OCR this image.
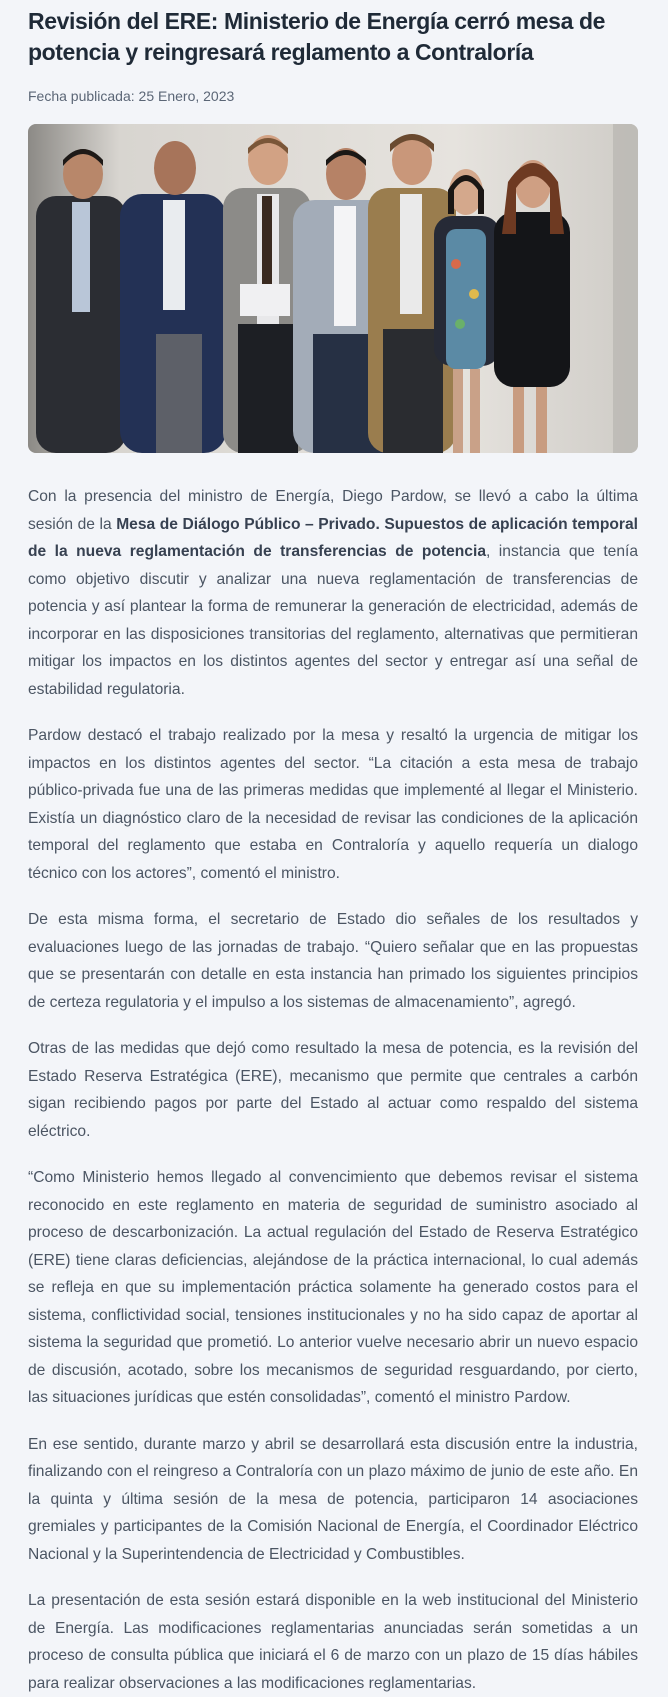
Revisión del ERE: Ministerio de Energía cerró mesa de potencia y reingresará reglamento a Contraloría
Fecha publicada: 25 Enero, 2023

Con la presencia del ministro de Energía, Diego Pardow, se llevó a cabo la última sesión de la Mesa de Diálogo Público – Privado. Supuestos de aplicación temporal de la nueva reglamentación de transferencias de potencia, instancia que tenía como objetivo discutir y analizar una nueva reglamentación de transferencias de potencia y así plantear la forma de remunerar la generación de electricidad, además de incorporar en las disposiciones transitorias del reglamento, alternativas que permitieran mitigar los impactos en los distintos agentes del sector y entregar así una señal de estabilidad regulatoria.

Pardow destacó el trabajo realizado por la mesa y resaltó la urgencia de mitigar los impactos en los distintos agentes del sector. “La citación a esta mesa de trabajo público-privada fue una de las primeras medidas que implementé al llegar el Ministerio. Existía un diagnóstico claro de la necesidad de revisar las condiciones de la aplicación temporal del reglamento que estaba en Contraloría y aquello requería un dialogo técnico con los actores”, comentó el ministro.

De esta misma forma, el secretario de Estado dio señales de los resultados y evaluaciones luego de las jornadas de trabajo. “Quiero señalar que en las propuestas que se presentarán con detalle en esta instancia han primado los siguientes principios de certeza regulatoria y el impulso a los sistemas de almacenamiento”, agregó.

Otras de las medidas que dejó como resultado la mesa de potencia, es la revisión del Estado Reserva Estratégica (ERE), mecanismo que permite que centrales a carbón sigan recibiendo pagos por parte del Estado al actuar como respaldo del sistema eléctrico.

“Como Ministerio hemos llegado al convencimiento que debemos revisar el sistema reconocido en este reglamento en materia de seguridad de suministro asociado al proceso de descarbonización. La actual regulación del Estado de Reserva Estratégico (ERE) tiene claras deficiencias, alejándose de la práctica internacional, lo cual además se refleja en que su implementación práctica solamente ha generado costos para el sistema, conflictividad social, tensiones institucionales y no ha sido capaz de aportar al sistema la seguridad que prometió. Lo anterior vuelve necesario abrir un nuevo espacio de discusión, acotado, sobre los mecanismos de seguridad resguardando, por cierto, las situaciones jurídicas que estén consolidadas”, comentó el ministro Pardow.

En ese sentido, durante marzo y abril se desarrollará esta discusión entre la industria, finalizando con el reingreso a Contraloría con un plazo máximo de junio de este año. En la quinta y última sesión de la mesa de potencia, participaron 14 asociaciones gremiales y participantes de la Comisión Nacional de Energía, el Coordinador Eléctrico Nacional y la Superintendencia de Electricidad y Combustibles.

La presentación de esta sesión estará disponible en la web institucional del Ministerio de Energía. Las modificaciones reglamentarias anunciadas serán sometidas a un proceso de consulta pública que iniciará el 6 de marzo con un plazo de 15 días hábiles para realizar observaciones a las modificaciones reglamentarias.
